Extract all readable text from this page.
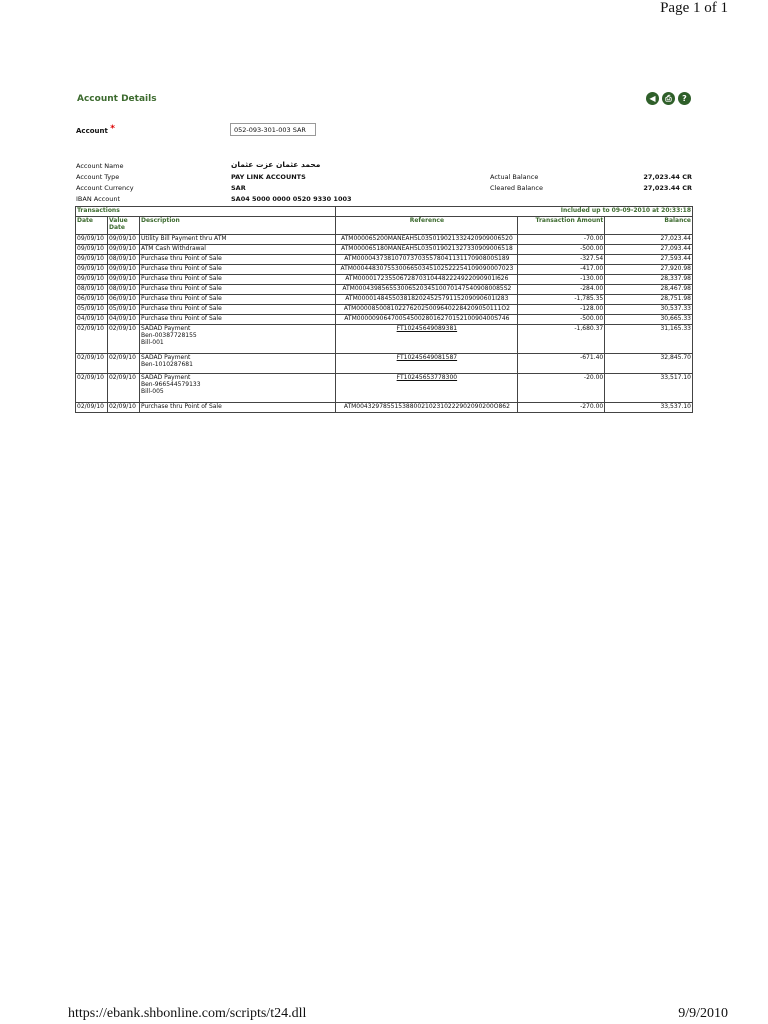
Page 1 of 1
Account Details	◀	⎙	?
Account *	052-093-301-003 SAR
Account Name	محمد عثمان عزت عثمان
Account Type	PAY LINK ACCOUNTS
Account Currency	SAR
IBAN Account	SA04 5000 0000 0520 9330 1003
Actual Balance	27,023.44 CR
Cleared Balance	27,023.44 CR
Transactions			Included up to 09-09-2010 at 20:33:18		
Date	Value Date	Description	Reference	Transaction Amount	Balance
09/09/10	09/09/10	Utility Bill Payment thru ATM	ATM000065200MANEAH5L035019021332420909006520	-70.00	27,023.44
09/09/10	09/09/10	ATM Cash Withdrawal	ATM000065180MANEAH5L035019021327330909006518	-500.00	27,093.44
09/09/10	08/09/10	Purchase thru Point of Sale	ATM000043738107073703557804113117090800S189	-327.54	27,593.44
09/09/10	09/09/10	Purchase thru Point of Sale	ATM000448307553006650345102522254109090007023	-417.00	27,920.98
09/09/10	09/09/10	Purchase thru Point of Sale	ATM000017235506728703104482224922090901I626	-130.00	28,337.98
08/09/10	08/09/10	Purchase thru Point of Sale	ATM000439856553006520345100701475409080085S2	-284.00	28,467.98
06/09/10	06/09/10	Purchase thru Point of Sale	ATM000014845503818202452579115209090601I283	-1,785.35	28,751.98
05/09/10	05/09/10	Purchase thru Point of Sale	ATM00008500810227620250096402284209050111O2	-128.00	30,537.33
04/09/10	04/09/10	Purchase thru Point of Sale	ATM000009064700545002801627015210090400S746	-500.00	30,665.33
02/09/10	02/09/10	SADAD Payment
Ben-00387728155
Bill-001	FT10245649089381	-1,680.37	31,165.33
02/09/10	02/09/10	SADAD Payment
Ben-1010287681	FT10245649081587	-671.40	32,845.70
02/09/10	02/09/10	SADAD Payment
Ben-966544579133
Bill-005	FT10245653778300	-20.00	33,517.10
02/09/10	02/09/10	Purchase thru Point of Sale	ATM004329785515388002102310222902090200O862	-270.00	33,537.10
https://ebank.shbonline.com/scripts/t24.dll	9/9/2010
